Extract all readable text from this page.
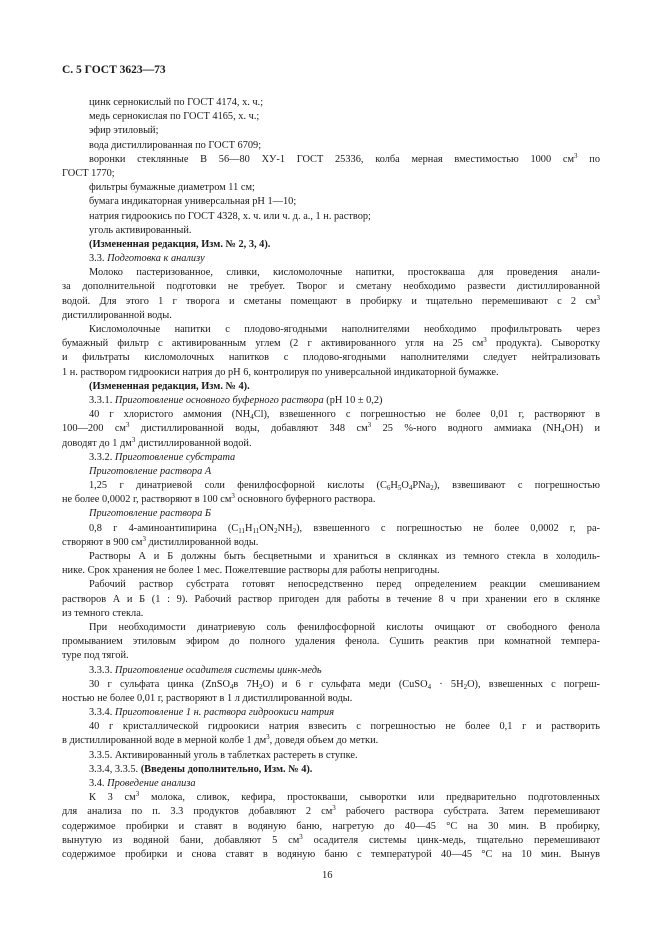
С. 5 ГОСТ 3623—73
цинк сернокислый по ГОСТ 4174, х. ч.;
медь сернокислая по ГОСТ 4165, х. ч.;
эфир этиловый;
вода дистиллированная по ГОСТ 6709;
воронки стеклянные В 56—80 ХУ-1 ГОСТ 25336, колба мерная вместимостью 1000 $см^3$ по
ГОСТ 1770;
фильтры бумажные диаметром 11 см;
бумага индикаторная универсальная рН 1—10;
натрия гидроокись по ГОСТ 4328, х. ч. или ч. д. а., 1 н. раствор;
уголь активированный.
(Измененная редакция, Изм. № 2, 3, 4).
3.3. Подготовка к анализу
Молоко пастеризованное, сливки, кисломолочные напитки, простокваша для проведения анали-
за дополнительной подготовки не требует. Творог и сметану необходимо развести дистиллированной
водой. Для этого 1 г творога и сметаны помещают в пробирку и тщательно перемешивают с 2 $см^3$
дистиллированной воды.
Кисломолочные напитки с плодово-ягодными наполнителями необходимо профильтровать через
бумажный фильтр с активированным углем (2 г активированного угля на 25 $см^3$ продукта). Сыворотку
и фильтраты кисломолочных напитков с плодово-ягодными наполнителями следует нейтрализовать
1 н. раствором гидроокиси натрия до рН 6, контролируя по универсальной индикаторной бумажке.
(Измененная редакция, Изм. № 4).
3.3.1. Приготовление основного буферного раствора (рН 10 ± 0,2)
40 г хлористого аммония $(NH_4Cl)$, взвешенного с погрешностью не более 0,01 г, растворяют в
100—200 $см^3$ дистиллированной воды, добавляют 348 $см^3$ 25 %-ного водного аммиака $(NH_4OH)$ и
доводят до 1 $дм^3$ дистиллированной водой.
3.3.2. Приготовление субстрата
Приготовление раствора А
1,25 г динатриевой соли фенилфосфорной кислоты $(C_6H_5O_4PNa_2)$, взвешивают с погрешностью
не более 0,0002 г, растворяют в 100 $см^3$ основного буферного раствора.
Приготовление раствора Б
0,8 г 4-аминоантипирина $(C_{11}H_{11}ON_2NH_2)$, взвешенного с погрешностью не более 0,0002 г, ра-
створяют в 900 $см^3$ дистиллированной воды.
Растворы А и Б должны быть бесцветными и храниться в склянках из темного стекла в холодиль-
нике. Срок хранения не более 1 мес. Пожелтевшие растворы для работы непригодны.
Рабочий раствор субстрата готовят непосредственно перед определением реакции смешиванием
растворов А и Б (1 : 9). Рабочий раствор пригоден для работы в течение 8 ч при хранении его в склянке
из темного стекла.
При необходимости динатриевую соль фенилфосфорной кислоты очищают от свободного фенола
промыванием этиловым эфиром до полного удаления фенола. Сушить реактив при комнатной темпера-
туре под тягой.
3.3.3. Приготовление осадителя системы цинк-медь
30 г сульфата цинка (ZnSO$_4$в $7H_2O$) и 6 г сульфата меди (CuSO$_4$ · $5H_2O$), взвешенных с погреш-
ностью не более 0,01 г, растворяют в 1 л дистиллированной воды.
3.3.4. Приготовление 1 н. раствора гидроокиси натрия
40 г кристаллической гидроокиси натрия взвесить с погрешностью не более 0,1 г и растворить
в дистиллированной воде в мерной колбе 1 $дм^3$, доведя объем до метки.
3.3.5. Активированный уголь в таблетках растереть в ступке.
3.3.4, 3.3.5. (Введены дополнительно, Изм. № 4).
3.4. Проведение анализа
К 3 $см^3$ молока, сливок, кефира, простокваши, сыворотки или предварительно подготовленных
для анализа по п. 3.3 продуктов добавляют 2 $см^3$ рабочего раствора субстрата. Затем перемешивают
содержимое пробирки и ставят в водяную баню, нагретую до 40—45 °С на 30 мин. В пробирку,
вынутую из водяной бани, добавляют 5 $см^3$ осадителя системы цинк-медь, тщательно перемешивают
содержимое пробирки и снова ставят в водяную баню с температурой 40—45 °С на 10 мин. Вынув
16
